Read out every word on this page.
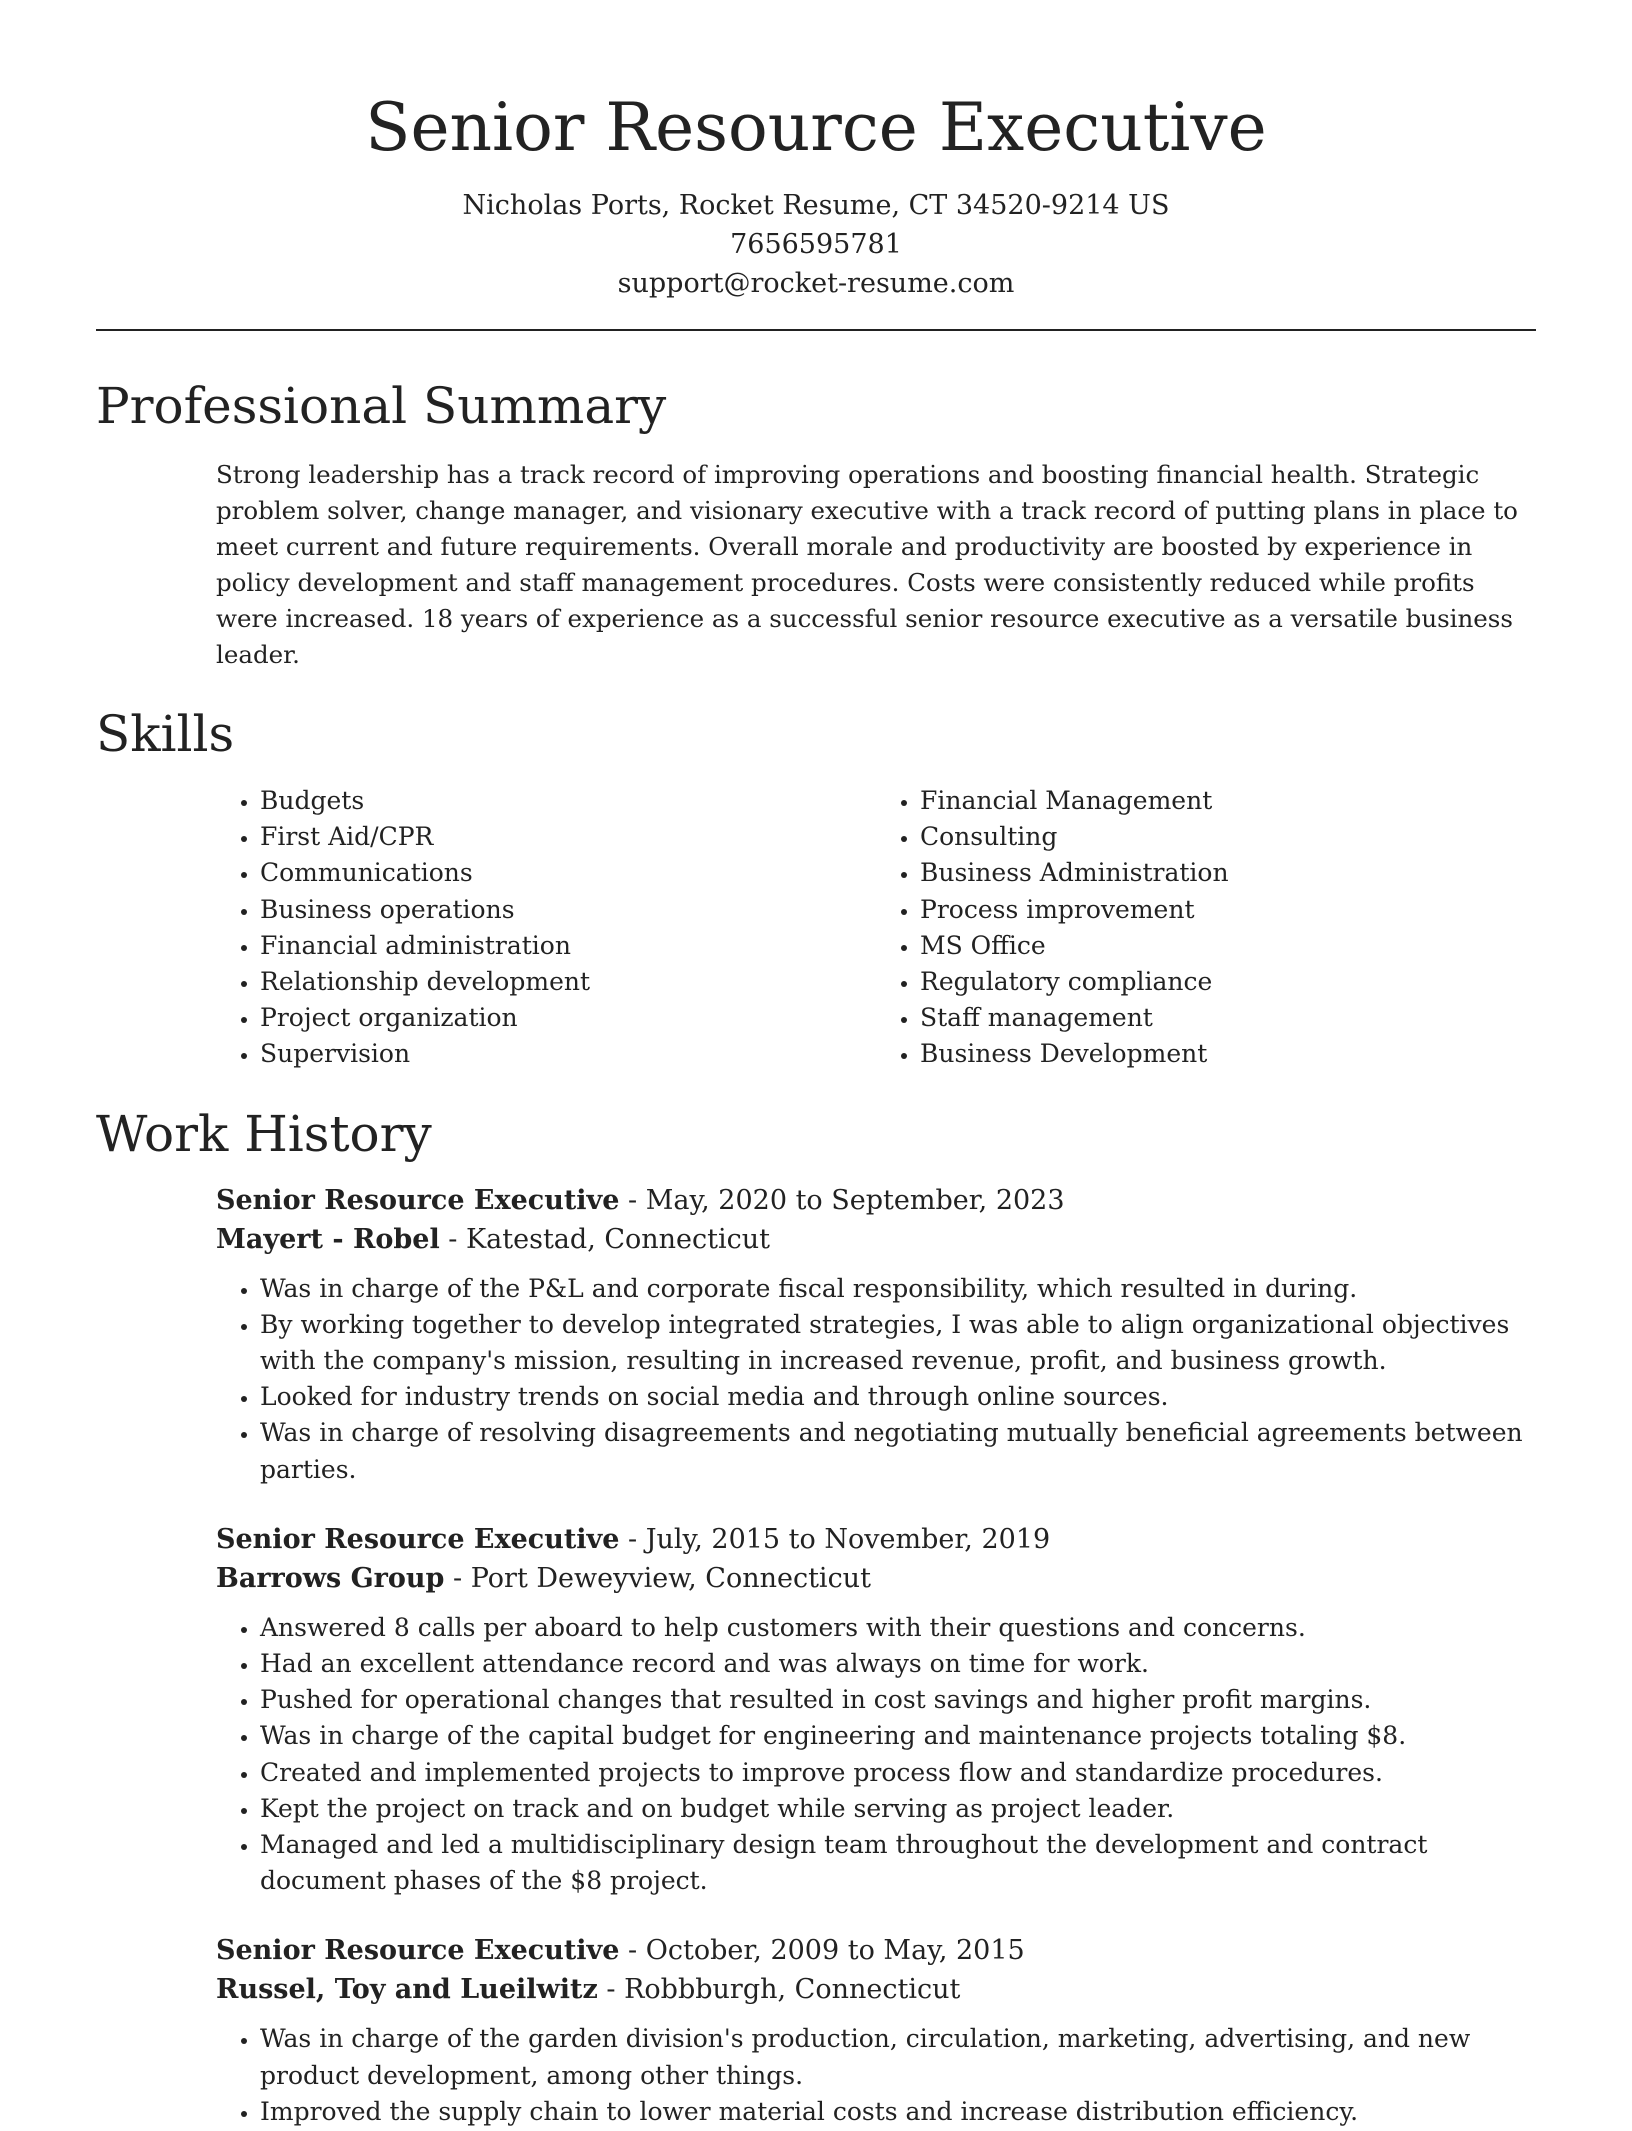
Senior Resource Executive
Nicholas Ports, Rocket Resume, CT 34520-9214 US
7656595781
support@rocket-resume.com
Professional Summary

Strong leadership has a track record of improving operations and boosting financial health. Strategic problem solver, change manager, and visionary executive with a track record of putting plans in place to meet current and future requirements. Overall morale and productivity are boosted by experience in policy development and staff management procedures. Costs were consistently reduced while profits were increased. 18 years of experience as a successful senior resource executive as a versatile business leader.

Skills
• Budgets
• First Aid/CPR
• Communications
• Business operations
• Financial administration
• Relationship development
• Project organization
• Supervision
• Financial Management
• Consulting
• Business Administration
• Process improvement
• MS Office
• Regulatory compliance
• Staff management
• Business Development
Work History
Senior Resource Executive - May, 2020 to September, 2023
Mayert - Robel - Katestad, Connecticut
• Was in charge of the P&L and corporate fiscal responsibility, which resulted in during.
• By working together to develop integrated strategies, I was able to align organizational objectives with the company's mission, resulting in increased revenue, profit, and business growth.
• Looked for industry trends on social media and through online sources.
• Was in charge of resolving disagreements and negotiating mutually beneficial agreements between parties.
Senior Resource Executive - July, 2015 to November, 2019
Barrows Group - Port Deweyview, Connecticut
• Answered 8 calls per aboard to help customers with their questions and concerns.
• Had an excellent attendance record and was always on time for work.
• Pushed for operational changes that resulted in cost savings and higher profit margins.
• Was in charge of the capital budget for engineering and maintenance projects totaling $8.
• Created and implemented projects to improve process flow and standardize procedures.
• Kept the project on track and on budget while serving as project leader.
• Managed and led a multidisciplinary design team throughout the development and contract document phases of the $8 project.
Senior Resource Executive - October, 2009 to May, 2015
Russel, Toy and Lueilwitz - Robbburgh, Connecticut
• Was in charge of the garden division's production, circulation, marketing, advertising, and new product development, among other things.
• Improved the supply chain to lower material costs and increase distribution efficiency.
